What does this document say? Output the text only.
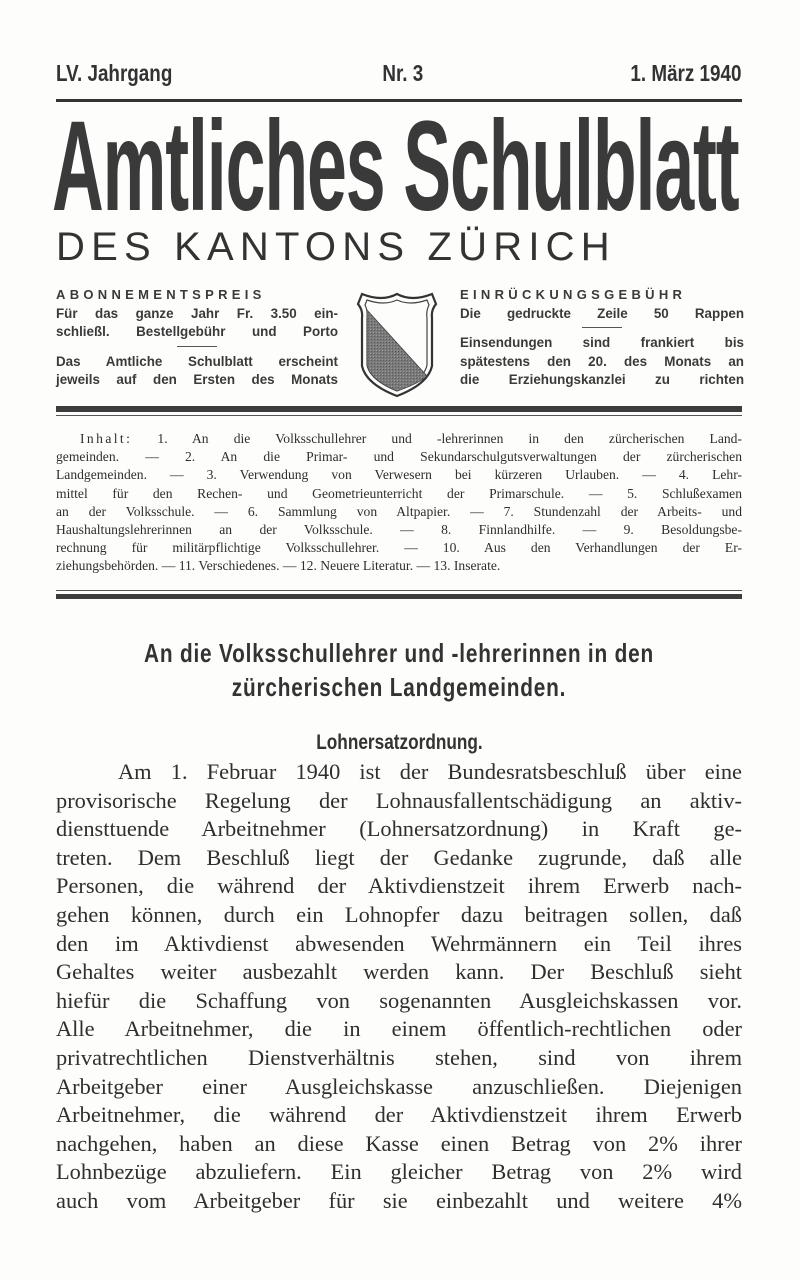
LV. Jahrgang	Nr. 3	1. März 1940
Amtliches Schulblatt
DES KANTONS ZÜRICH
ABONNEMENTSPREIS
Für das ganze Jahr Fr. 3.50 ein-
schließl. Bestellgebühr und Porto
Das Amtliche Schulblatt erscheint
jeweils auf den Ersten des Monats
EINRÜCKUNGSGEBÜHR
Die gedruckte Zeile 50 Rappen
Einsendungen sind frankiert bis
spätestens den 20. des Monats an
die Erziehungskanzlei zu richten
Inhalt: 1. An die Volksschullehrer und -lehrerinnen in den zürcherischen Land-
gemeinden. — 2. An die Primar- und Sekundarschulgutsverwaltungen der zürcherischen
Landgemeinden. — 3. Verwendung von Verwesern bei kürzeren Urlauben. — 4. Lehr-
mittel für den Rechen- und Geometrieunterricht der Primarschule. — 5. Schlußexamen
an der Volksschule. — 6. Sammlung von Altpapier. — 7. Stundenzahl der Arbeits- und
Haushaltungslehrerinnen an der Volksschule. — 8. Finnlandhilfe. — 9. Besoldungsbe-
rechnung für militärpflichtige Volksschullehrer. — 10. Aus den Verhandlungen der Er-
ziehungsbehörden. — 11. Verschiedenes. — 12. Neuere Literatur. — 13. Inserate.
An die Volksschullehrer und -lehrerinnen in den
zürcherischen Landgemeinden.
Lohnersatzordnung.
Am 1. Februar 1940 ist der Bundesratsbeschluß über eine
provisorische Regelung der Lohnausfallentschädigung an aktiv-
diensttuende Arbeitnehmer (Lohnersatzordnung) in Kraft ge-
treten. Dem Beschluß liegt der Gedanke zugrunde, daß alle
Personen, die während der Aktivdienstzeit ihrem Erwerb nach-
gehen können, durch ein Lohnopfer dazu beitragen sollen, daß
den im Aktivdienst abwesenden Wehrmännern ein Teil ihres
Gehaltes weiter ausbezahlt werden kann. Der Beschluß sieht
hiefür die Schaffung von sogenannten Ausgleichskassen vor.
Alle Arbeitnehmer, die in einem öffentlich-rechtlichen oder
privatrechtlichen Dienstverhältnis stehen, sind von ihrem
Arbeitgeber einer Ausgleichskasse anzuschließen. Diejenigen
Arbeitnehmer, die während der Aktivdienstzeit ihrem Erwerb
nachgehen, haben an diese Kasse einen Betrag von 2% ihrer
Lohnbezüge abzuliefern. Ein gleicher Betrag von 2% wird
auch vom Arbeitgeber für sie einbezahlt und weitere 4%
